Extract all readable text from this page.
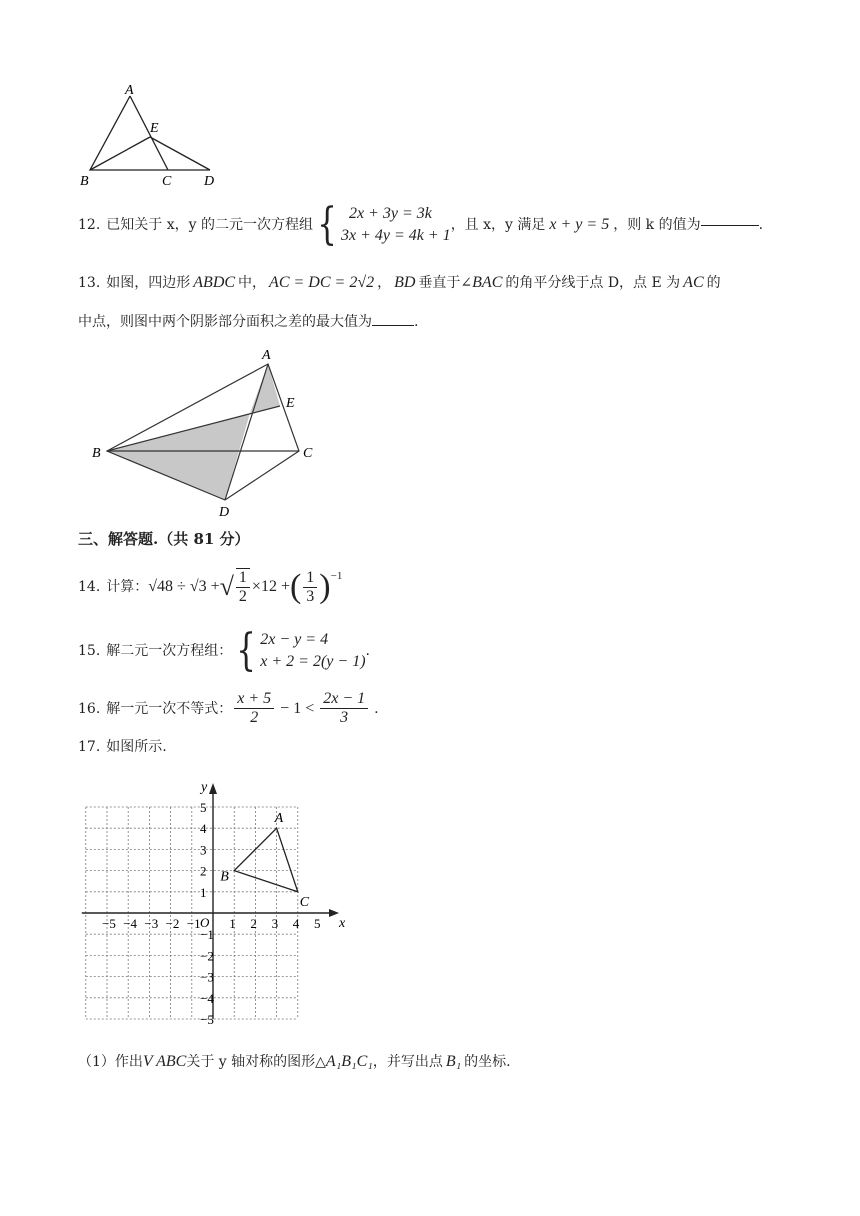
A
E
B	C D
12. 已知关于 x，y 的二元一次方程组 { 2x + 3y = 3k
3x + 4y = 4k + 1
，且 x，y 满足 x + y = 5 ，则 k 的值为	.
13. 如图，四边形 ABDC 中， AC = DC = 2√2 ， BD 垂直于∠BAC 的角平分线于点 D，点 E 为 AC 的
中点，则图中两个阴影部分面积之差的最大值为	.
A
E
B	C
D
三、解答题.（共 81 分）
14. 计算： √48 ÷ √3 + √ $\frac{1}{2} \times 12$ + ( $\frac{1}{3}$ ) −1
15. 解二元一次方程组： { 2x − y = 4
x + 2 = 2(y − 1)
.
16. 解一元一次不等式： $\frac{x + 5}{2} - 1 < \frac{2x - 1}{3}$ .
17. 如图所示.
x
y
O
−5 −4 −3 −2 −1 1 2 3 4 5
5
4
3
2
1
−1
−2
−3
−4
−5
A
B
C
（1）作出V ABC关于 y 轴对称的图形△A₁B₁C₁，并写出点 B₁ 的坐标.
